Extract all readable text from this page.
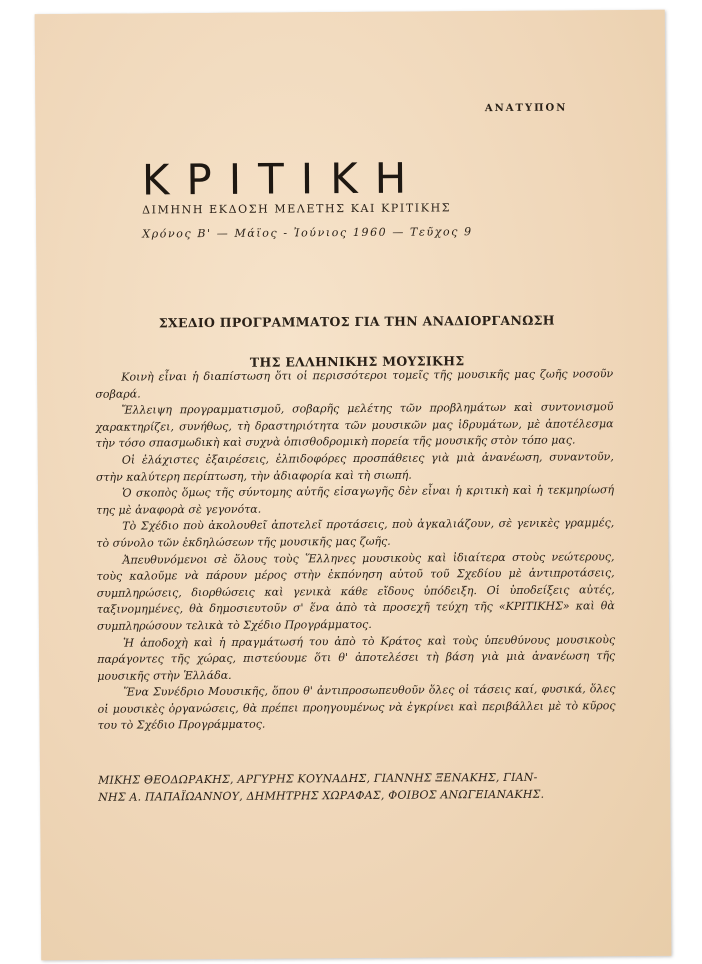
ΑΝΑΤΥΠΟΝ
ΚΡΙΤΙΚΗ
ΔΙΜΗΝΗ ΕΚΔΟΣΗ ΜΕΛΕΤΗΣ ΚΑΙ ΚΡΙΤΙΚΗΣ
Χρόνος Β' — Μάϊος - Ἰούνιος 1960 — Τεῦχος 9
ΣΧΕΔΙΟ ΠΡΟΓΡΑΜΜΑΤΟΣ ΓΙΑ ΤΗΝ ΑΝΑΔΙΟΡΓΑΝΩΣΗ
ΤΗΣ ΕΛΛΗΝΙΚΗΣ ΜΟΥΣΙΚΗΣ

Κοινὴ εἶναι ἡ διαπίστωση ὅτι οἱ περισσότεροι τομεῖς τῆς μουσικῆς μας ζωῆς νοσοῦν σοβαρά.

Ἔλλειψη προγραμματισμοῦ, σοβαρῆς μελέτης τῶν προβλημάτων καὶ συντονισμοῦ χαρακτηρίζει, συνήθως, τὴ δραστηριότητα τῶν μουσικῶν μας ἱδρυμάτων, μὲ ἀποτέλεσμα τὴν τόσο σπασμωδικὴ καὶ συχνὰ ὀπισθοδρομικὴ πορεία τῆς μουσικῆς στὸν τόπο μας.

Οἱ ἐλάχιστες ἐξαιρέσεις, ἐλπιδοφόρες προσπάθειες γιὰ μιὰ ἀνανέωση, συναντοῦν, στὴν καλύτερη περίπτωση, τὴν ἀδιαφορία καὶ τὴ σιωπή.

Ὁ σκοπὸς ὅμως τῆς σύντομης αὐτῆς εἰσαγωγῆς δὲν εἶναι ἡ κριτικὴ καὶ ἡ τεκμηρίωσή της μὲ ἀναφορὰ σὲ γεγονότα.

Τὸ Σχέδιο ποὺ ἀκολουθεῖ ἀποτελεῖ προτάσεις, ποὺ ἀγκαλιάζουν, σὲ γενικὲς γραμμές, τὸ σύνολο τῶν ἐκδηλώσεων τῆς μουσικῆς μας ζωῆς.

Ἀπευθυνόμενοι σὲ ὅλους τοὺς Ἕλληνες μουσικοὺς καὶ ἰδιαίτερα στοὺς νεώτερους, τοὺς καλοῦμε νὰ πάρουν μέρος στὴν ἐκπόνηση αὐτοῦ τοῦ Σχεδίου μὲ ἀντιπροτάσεις, συμπληρώσεις, διορθώσεις καὶ γενικὰ κάθε εἴδους ὑπόδειξη. Οἱ ὑποδείξεις αὐτές, ταξινομημένες, θὰ δημοσιευτοῦν σ' ἕνα ἀπὸ τὰ προσεχῆ τεύχη τῆς «ΚΡΙΤΙΚΗΣ» καὶ θὰ συμπληρώσουν τελικὰ τὸ Σχέδιο Προγράμματος.

Ἡ ἀποδοχὴ καὶ ἡ πραγμάτωσή του ἀπὸ τὸ Κράτος καὶ τοὺς ὑπευθύνους μουσικοὺς παράγοντες τῆς χώρας, πιστεύουμε ὅτι θ' ἀποτελέσει τὴ βάση γιὰ μιὰ ἀνανέωση τῆς μουσικῆς στὴν Ἑλλάδα.

Ἕνα Συνέδριο Μουσικῆς, ὅπου θ' ἀντιπροσωπευθοῦν ὅλες οἱ τάσεις καί, φυσικά, ὅλες οἱ μουσικὲς ὀργανώσεις, θὰ πρέπει προηγουμένως νὰ ἐγκρίνει καὶ περιβάλλει μὲ τὸ κῦρος του τὸ Σχέδιο Προγράμματος.

ΜΙΚΗΣ ΘΕΟΔΩΡΑΚΗΣ, ΑΡΓΥΡΗΣ ΚΟΥΝΑΔΗΣ, ΓΙΑΝΝΗΣ ΞΕΝΑΚΗΣ, ΓΙΑΝ-

ΝΗΣ Α. ΠΑΠΑΪΩΑΝΝΟΥ, ΔΗΜΗΤΡΗΣ ΧΩΡΑΦΑΣ, ΦΟΙΒΟΣ ΑΝΩΓΕΙΑΝΑΚΗΣ.
